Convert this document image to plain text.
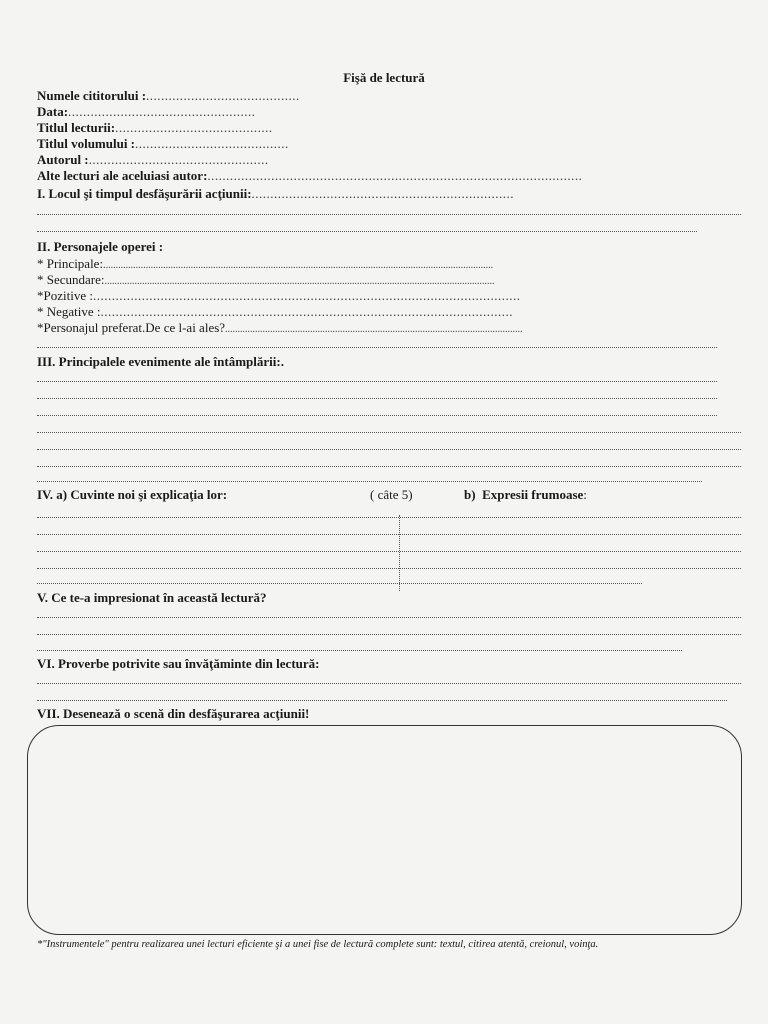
Fişă de lectură
Numele cititorului :.........................................
Data:..................................................
Titlul lecturii:..........................................
Titlul volumului :.........................................
Autorul :................................................
Alte lecturi ale aceluiasi autor:....................................................................................................
I. Locul şi timpul desfăşurării acţiunii:......................................................................
II. Personajele operei :
* Principale:............................................................................................................................................................
* Secundare:............................................................................................................................................................
*Pozitive :..................................................................................................................
* Negative :..............................................................................................................
*Personajul preferat.De ce l-ai ales?.......................................................................................................................
III. Principalele evenimente ale întâmplării:.
IV. a) Cuvinte noi şi explicaţia lor:	( câte 5)	b) Expresii frumoase:
V. Ce te-a impresionat în această lectură?
VI. Proverbe potrivite sau învăţăminte din lectură:
VII. Desenează o scenă din desfăşurarea acţiunii!
*"Instrumentele" pentru realizarea unei lecturi eficiente şi a unei fise de lectură complete sunt: textul, citirea atentă, creionul, voinţa.
